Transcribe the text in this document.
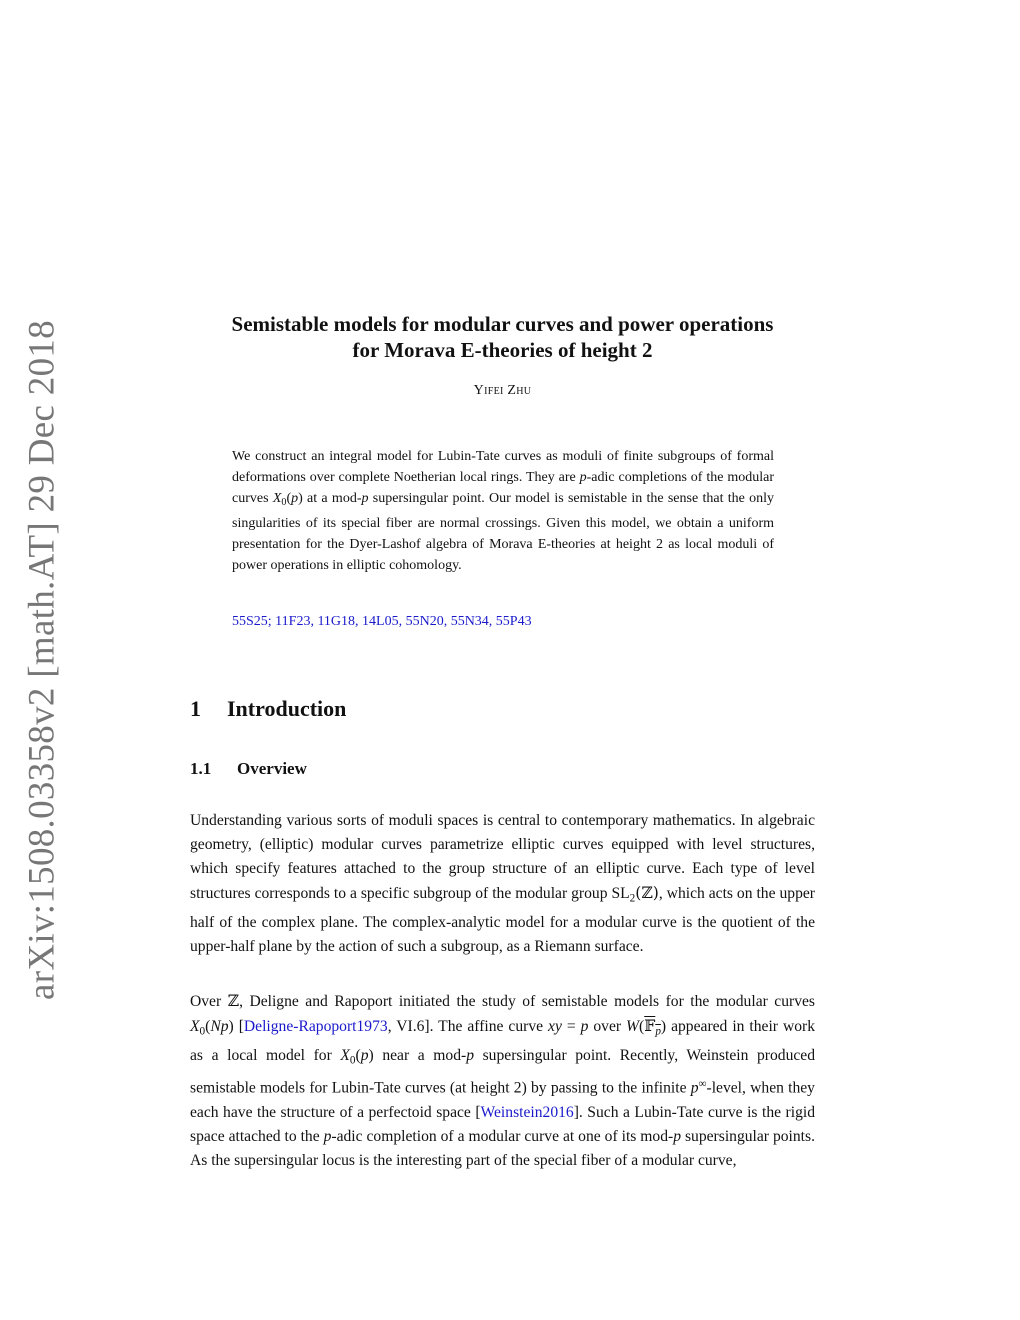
arXiv:1508.03358v2 [math.AT] 29 Dec 2018	Semistable models for modular curves and power operations
for Morava E-theories of height 2
Yifei Zhu

We construct an integral model for Lubin-Tate curves as moduli of finite subgroups of formal deformations over complete Noetherian local rings. They are p-adic completions of the modular curves $X_0(p)$ at a mod-p supersingular point. Our model is semistable in the sense that the only singularities of its special fiber are normal crossings. Given this model, we obtain a uniform presentation for the Dyer-Lashof algebra of Morava E-theories at height 2 as local moduli of power operations in elliptic cohomology.

55S25; 11F23, 11G18, 14L05, 55N20, 55N34, 55P43
1 Introduction
1.1 Overview

Understanding various sorts of moduli spaces is central to contemporary mathematics. In algebraic geometry, (elliptic) modular curves parametrize elliptic curves equipped with level structures, which specify features attached to the group structure of an elliptic curve. Each type of level structures corresponds to a specific subgroup of the modular group $SL_2(ℤ)$, which acts on the upper half of the complex plane. The complex-analytic model for a modular curve is the quotient of the upper-half plane by the action of such a subgroup, as a Riemann surface.

Over ℤ, Deligne and Rapoport initiated the study of semistable models for the modular curves $X_0(Np)$ [Deligne-Rapoport1973, VI.6]. The affine curve xy = p over W(𝔽$_p$) appeared in their work as a local model for $X_0(p)$ near a mod-p supersingular point. Recently, Weinstein produced semistable models for Lubin-Tate curves (at height 2) by passing to the infinite p∞-level, when they each have the structure of a perfectoid space [Weinstein2016]. Such a Lubin-Tate curve is the rigid space attached to the p-adic completion of a modular curve at one of its mod-p supersingular points. As the supersingular locus is the interesting part of the special fiber of a modular curve,
